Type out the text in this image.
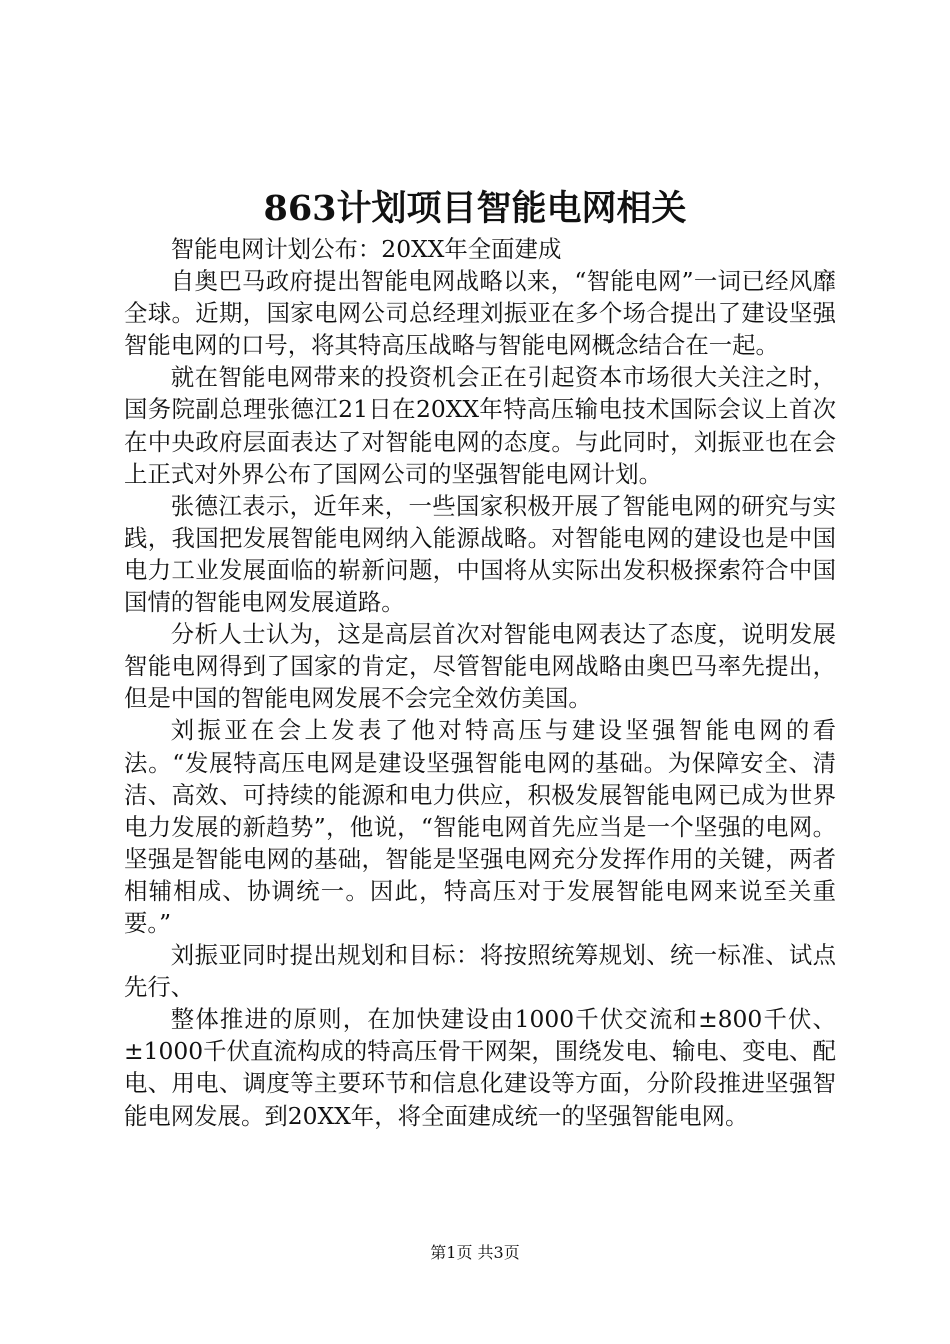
863计划项目智能电网相关

智能电网计划公布：20XX年全面建成

自奥巴马政府提出智能电网战略以来，“智能电网”一词已经风靡全球。近期，国家电网公司总经理刘振亚在多个场合提出了建设坚强智能电网的口号，将其特高压战略与智能电网概念结合在一起。

就在智能电网带来的投资机会正在引起资本市场很大关注之时，国务院副总理张德江21日在20XX年特高压输电技术国际会议上首次在中央政府层面表达了对智能电网的态度。与此同时，刘振亚也在会上正式对外界公布了国网公司的坚强智能电网计划。

张德江表示，近年来，一些国家积极开展了智能电网的研究与实践，我国把发展智能电网纳入能源战略。对智能电网的建设也是中国电力工业发展面临的崭新问题，中国将从实际出发积极探索符合中国国情的智能电网发展道路。

分析人士认为，这是高层首次对智能电网表达了态度，说明发展智能电网得到了国家的肯定，尽管智能电网战略由奥巴马率先提出，但是中国的智能电网发展不会完全效仿美国。

刘振亚在会上发表了他对特高压与建设坚强智能电网的看法。“发展特高压电网是建设坚强智能电网的基础。为保障安全、清洁、高效、可持续的能源和电力供应，积极发展智能电网已成为世界电力发展的新趋势”，他说，“智能电网首先应当是一个坚强的电网。坚强是智能电网的基础，智能是坚强电网充分发挥作用的关键，两者相辅相成、协调统一。因此，特高压对于发展智能电网来说至关重要。”

刘振亚同时提出规划和目标：将按照统筹规划、统一标准、试点先行、

整体推进的原则，在加快建设由1000千伏交流和±800千伏、±1000千伏直流构成的特高压骨干网架，围绕发电、输电、变电、配电、用电、调度等主要环节和信息化建设等方面，分阶段推进坚强智能电网发展。到20XX年，将全面建成统一的坚强智能电网。

第1页 共3页
